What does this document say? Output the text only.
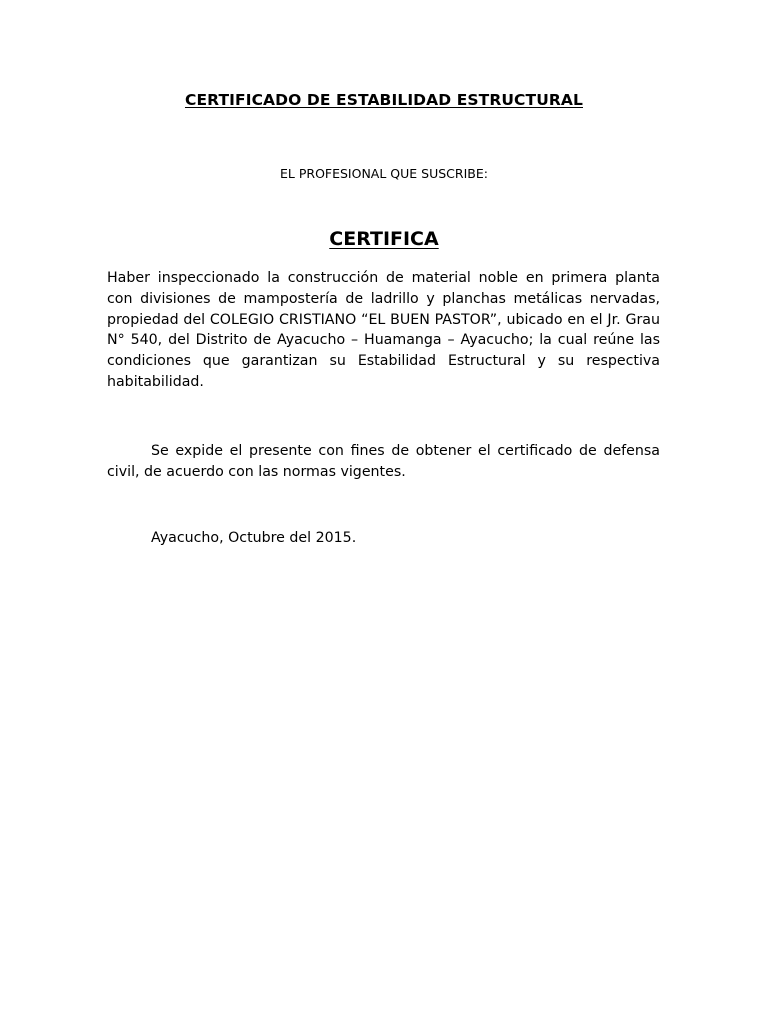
CERTIFICADO DE ESTABILIDAD ESTRUCTURAL

EL PROFESIONAL QUE SUSCRIBE:

CERTIFICA

Haber inspeccionado la construcción de material noble en primera planta con divisiones de mampostería de ladrillo y planchas metálicas nervadas, propiedad del COLEGIO CRISTIANO “EL BUEN PASTOR”, ubicado en el Jr. Grau N° 540, del Distrito de Ayacucho – Huamanga – Ayacucho; la cual reúne las condiciones que garantizan su Estabilidad Estructural y su respectiva habitabilidad.

Se expide el presente con fines de obtener el certificado de defensa civil, de acuerdo con las normas vigentes.

Ayacucho, Octubre del 2015.
